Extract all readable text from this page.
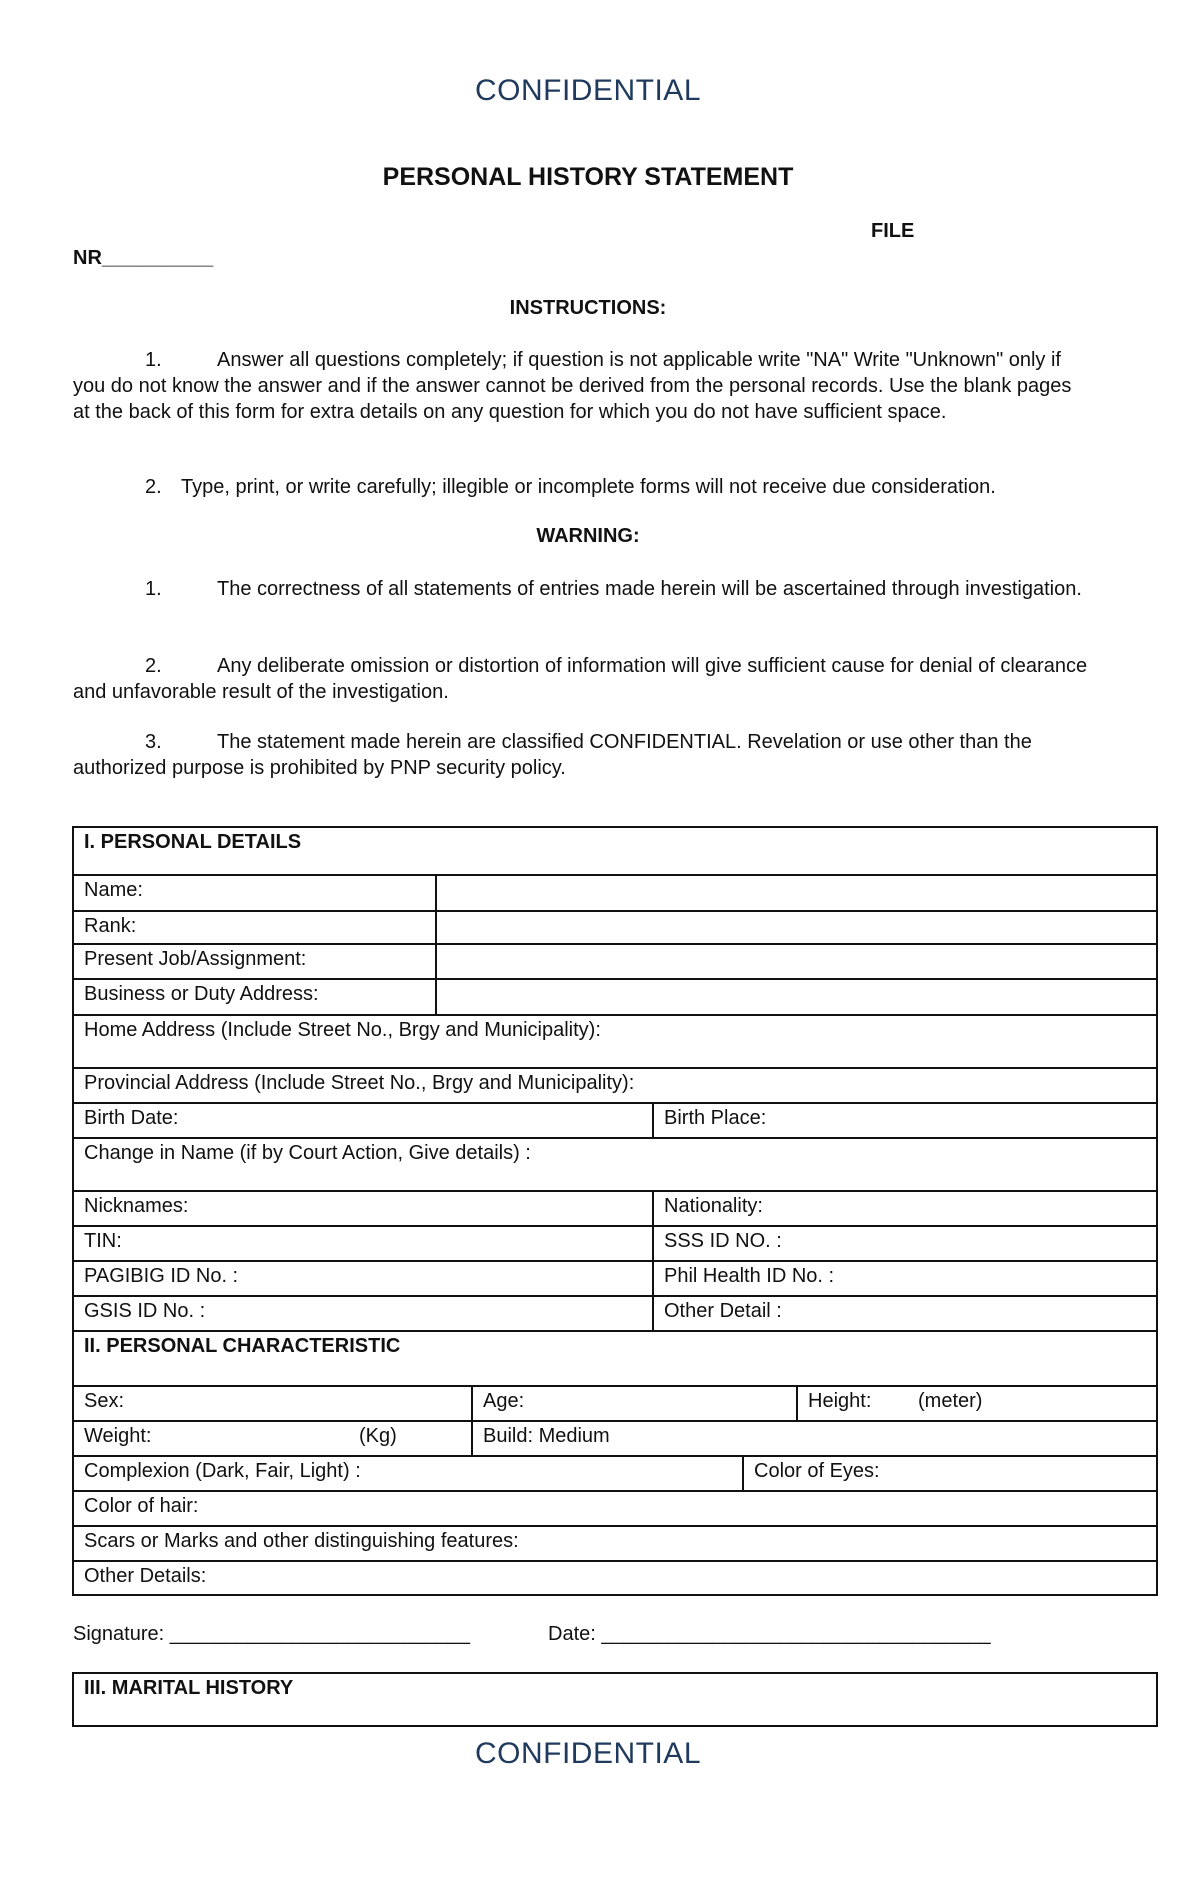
CONFIDENTIAL
PERSONAL HISTORY STATEMENT
FILE
NR__________
INSTRUCTIONS:
1.	Answer all questions completely; if question is not applicable write "NA" Write "Unknown" only if you do not know the answer and if the answer cannot be derived from the personal records. Use the blank pages at the back of this form for extra details on any question for which you do not have sufficient space.
2. Type, print, or write carefully; illegible or incomplete forms will not receive due consideration.
WARNING:
1.	The correctness of all statements of entries made herein will be ascertained through investigation.
2.	Any deliberate omission or distortion of information will give sufficient cause for denial of clearance and unfavorable result of the investigation.
3.	The statement made herein are classified CONFIDENTIAL. Revelation or use other than the authorized purpose is prohibited by PNP security policy.
I. PERSONAL DETAILS
Name:
Rank:
Present Job/Assignment:
Business or Duty Address:
Home Address (Include Street No., Brgy and Municipality):
Provincial Address (Include Street No., Brgy and Municipality):
Birth Date:	Birth Place:
Change in Name (if by Court Action, Give details) :
Nicknames:	Nationality:
TIN:	SSS ID NO. :
PAGIBIG ID No. :	Phil Health ID No. :
GSIS ID No. :	Other Detail :
II. PERSONAL CHARACTERISTIC
Sex:	Age:	Height: (meter)
Weight:	(Kg)	Build: Medium
Complexion (Dark, Fair, Light) :	Color of Eyes:
Color of hair:
Scars or Marks and other distinguishing features:
Other Details:
Signature: ___________________________	Date: ___________________________________
III. MARITAL HISTORY
CONFIDENTIAL
